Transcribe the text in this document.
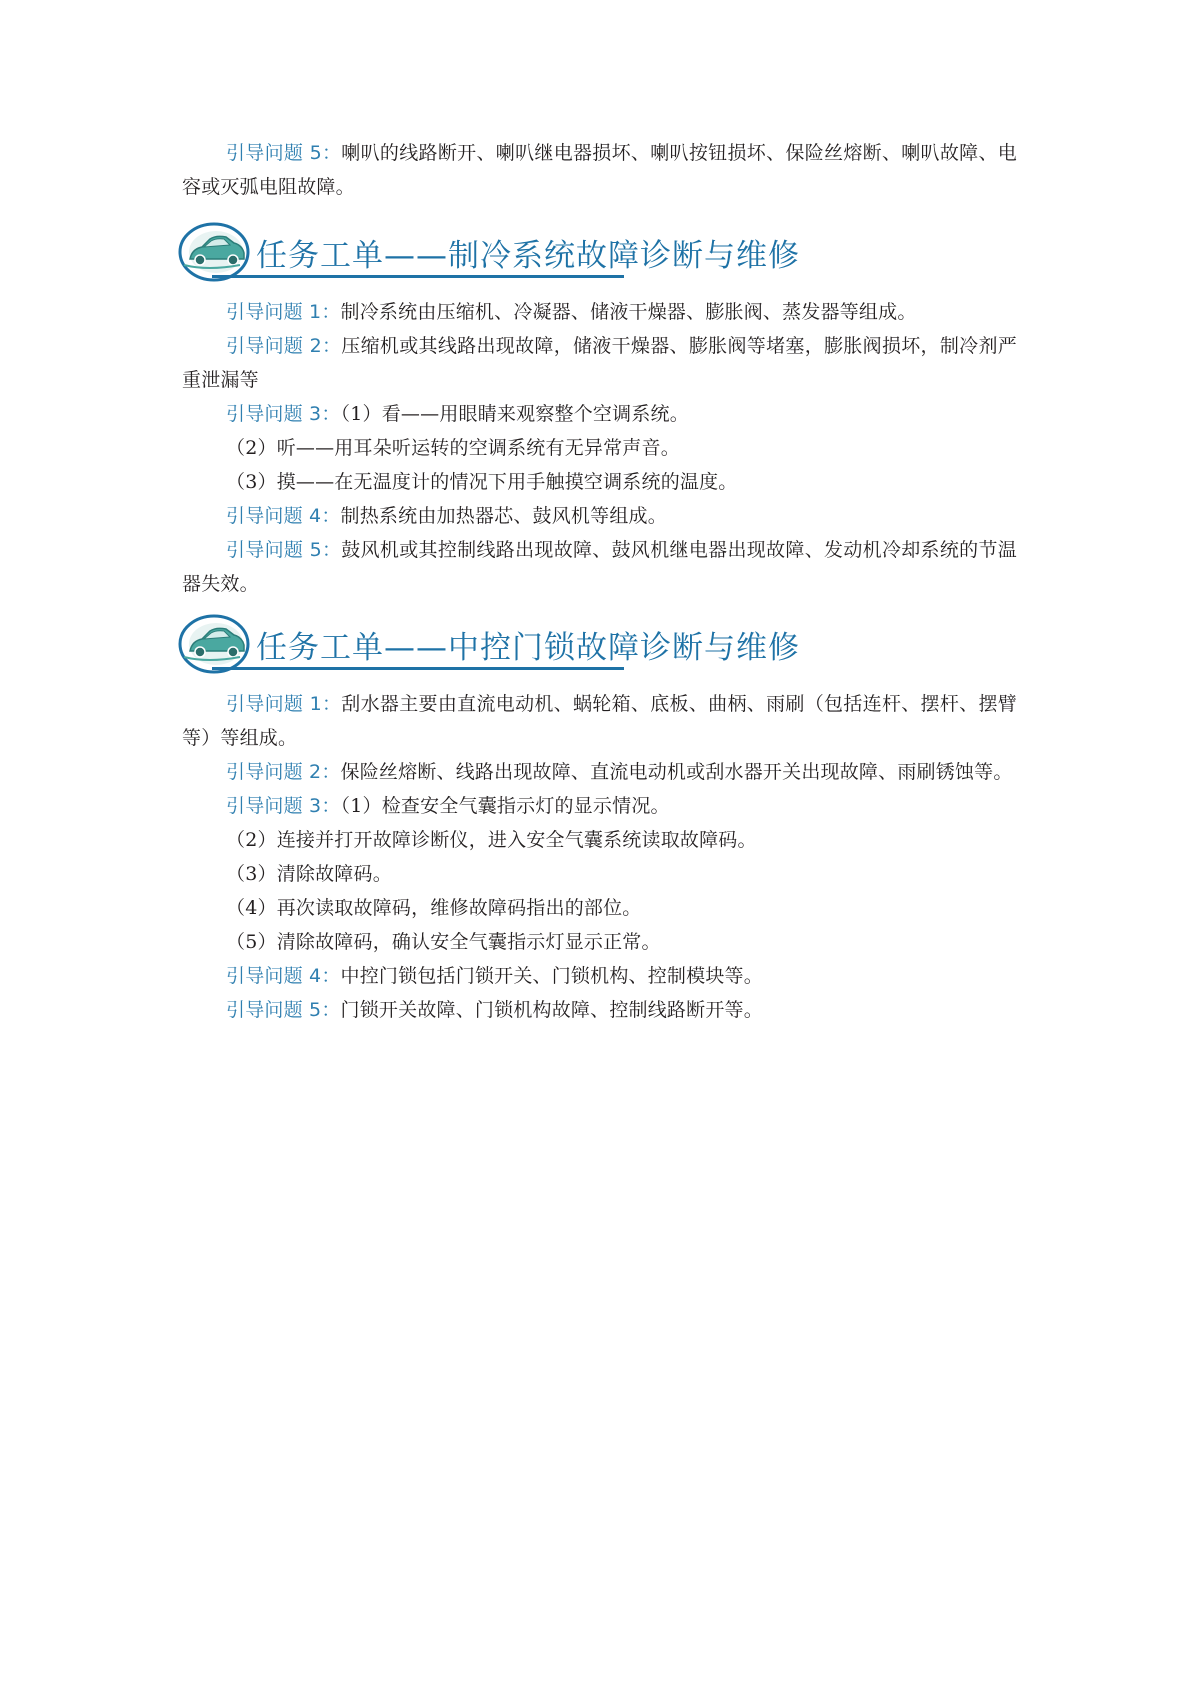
引导问题 5：喇叭的线路断开、喇叭继电器损坏、喇叭按钮损坏、保险丝熔断、喇叭故障、电容或灭弧电阻故障。

任务工单——制冷系统故障诊断与维修

引导问题 1：制冷系统由压缩机、冷凝器、储液干燥器、膨胀阀、蒸发器等组成。

引导问题 2：压缩机或其线路出现故障，储液干燥器、膨胀阀等堵塞，膨胀阀损坏，制冷剂严重泄漏等

引导问题 3：（1）看——用眼睛来观察整个空调系统。

（2）听——用耳朵听运转的空调系统有无异常声音。

（3）摸——在无温度计的情况下用手触摸空调系统的温度。

引导问题 4：制热系统由加热器芯、鼓风机等组成。

引导问题 5：鼓风机或其控制线路出现故障、鼓风机继电器出现故障、发动机冷却系统的节温器失效。

任务工单——中控门锁故障诊断与维修

引导问题 1：刮水器主要由直流电动机、蜗轮箱、底板、曲柄、雨刷（包括连杆、摆杆、摆臂等）等组成。

引导问题 2：保险丝熔断、线路出现故障、直流电动机或刮水器开关出现故障、雨刷锈蚀等。

引导问题 3：（1）检查安全气囊指示灯的显示情况。

（2）连接并打开故障诊断仪，进入安全气囊系统读取故障码。

（3）清除故障码。

（4）再次读取故障码，维修故障码指出的部位。

（5）清除故障码，确认安全气囊指示灯显示正常。

引导问题 4：中控门锁包括门锁开关、门锁机构、控制模块等。

引导问题 5：门锁开关故障、门锁机构故障、控制线路断开等。
